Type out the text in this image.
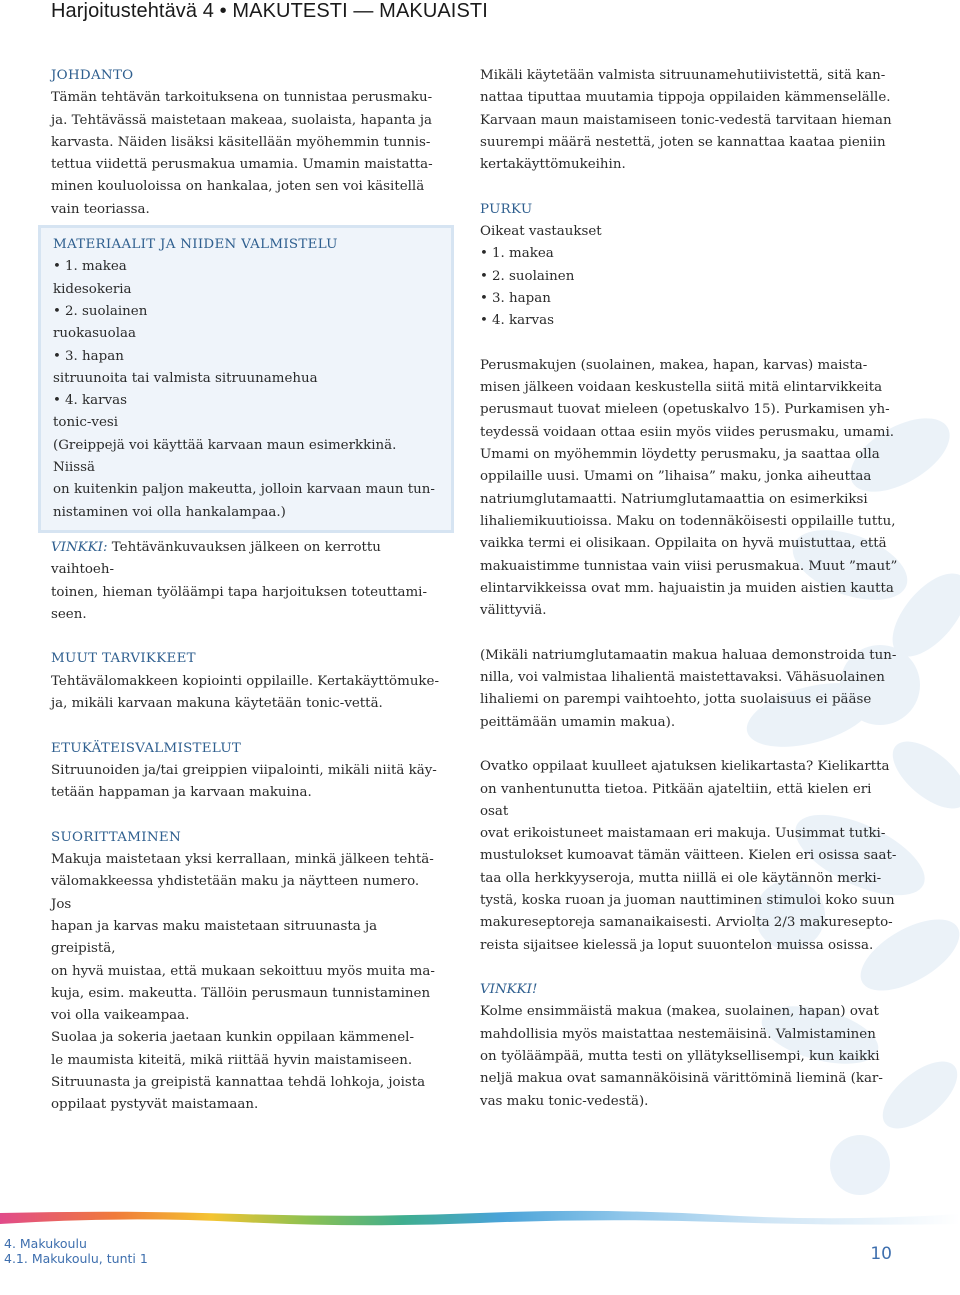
Harjoitustehtävä 4 • MAKUTESTI — MAKUAISTI

JOHDANTO

Tämän tehtävän tarkoituksena on tunnistaa perusmaku-

ja. Tehtävässä maistetaan makeaa, suolaista, hapanta ja

karvasta. Näiden lisäksi käsitellään myöhemmin tunnis-

tettua viidettä perusmakua umamia. Umamin maistatta-

minen kouluoloissa on hankalaa, joten sen voi käsitellä

vain teoriassa.

MATERIAALIT JA NIIDEN VALMISTELU

• 1. makea

kidesokeria

• 2. suolainen

ruokasuolaa

• 3. hapan

sitruunoita tai valmista sitruunamehua

• 4. karvas

tonic-vesi

(Greippejä voi käyttää karvaan maun esimerkkinä. Niissä

on kuitenkin paljon makeutta, jolloin karvaan maun tun-

nistaminen voi olla hankalampaa.)

VINKKI: Tehtävänkuvauksen jälkeen on kerrottu vaihtoeh-

toinen, hieman työläämpi tapa harjoituksen toteuttami-

seen.

MUUT TARVIKKEET

Tehtävälomakkeen kopiointi oppilaille. Kertakäyttömuke-

ja, mikäli karvaan makuna käytetään tonic-vettä.

ETUKÄTEISVALMISTELUT

Sitruunoiden ja/tai greippien viipalointi, mikäli niitä käy-

tetään happaman ja karvaan makuina.

SUORITTAMINEN

Makuja maistetaan yksi kerrallaan, minkä jälkeen tehtä-

välomakkeessa yhdistetään maku ja näytteen numero. Jos

hapan ja karvas maku maistetaan sitruunasta ja greipistä,

on hyvä muistaa, että mukaan sekoittuu myös muita ma-

kuja, esim. makeutta. Tällöin perusmaun tunnistaminen

voi olla vaikeampaa.

Suolaa ja sokeria jaetaan kunkin oppilaan kämmenel-

le maumista kiteitä, mikä riittää hyvin maistamiseen.

Sitruunasta ja greipistä kannattaa tehdä lohkoja, joista

oppilaat pystyvät maistamaan.

Mikäli käytetään valmista sitruunamehutiivistettä, sitä kan-

nattaa tiputtaa muutamia tippoja oppilaiden kämmenselälle.

Karvaan maun maistamiseen tonic-vedestä tarvitaan hieman

suurempi määrä nestettä, joten se kannattaa kaataa pieniin

kertakäyttömukeihin.

PURKU

Oikeat vastaukset

• 1. makea

• 2. suolainen

• 3. hapan

• 4. karvas

Perusmakujen (suolainen, makea, hapan, karvas) maista-

misen jälkeen voidaan keskustella siitä mitä elintarvikkeita

perusmaut tuovat mieleen (opetuskalvo 15). Purkamisen yh-

teydessä voidaan ottaa esiin myös viides perusmaku, umami.

Umami on myöhemmin löydetty perusmaku, ja saattaa olla

oppilaille uusi. Umami on ”lihaisa” maku, jonka aiheuttaa

natriumglutamaatti. Natriumglutamaattia on esimerkiksi

lihaliemikuutioissa. Maku on todennäköisesti oppilaille tuttu,

vaikka termi ei olisikaan. Oppilaita on hyvä muistuttaa, että

makuaistimme tunnistaa vain viisi perusmakua. Muut ”maut”

elintarvikkeissa ovat mm. hajuaistin ja muiden aistien kautta

välittyviä.

(Mikäli natriumglutamaatin makua haluaa demonstroida tun-

nilla, voi valmistaa lihalientä maistettavaksi. Vähäsuolainen

lihaliemi on parempi vaihtoehto, jotta suolaisuus ei pääse

peittämään umamin makua).

Ovatko oppilaat kuulleet ajatuksen kielikartasta? Kielikartta

on vanhentunutta tietoa. Pitkään ajateltiin, että kielen eri osat

ovat erikoistuneet maistamaan eri makuja. Uusimmat tutki-

mustulokset kumoavat tämän väitteen. Kielen eri osissa saat-

taa olla herkkyyseroja, mutta niillä ei ole käytännön merki-

tystä, koska ruoan ja juoman nauttiminen stimuloi koko suun

makureseptoreja samanaikaisesti. Arviolta 2/3 makuresepto-

reista sijaitsee kielessä ja loput suuontelon muissa osissa.

VINKKI!

Kolme ensimmäistä makua (makea, suolainen, hapan) ovat

mahdollisia myös maistattaa nestemäisinä. Valmistaminen

on työläämpää, mutta testi on yllätyksellisempi, kun kaikki

neljä makua ovat samannäköisinä värittöminä lieminä (kar-

vas maku tonic-vedestä).

4. Makukoulu
4.1. Makukoulu, tunti 1	10
